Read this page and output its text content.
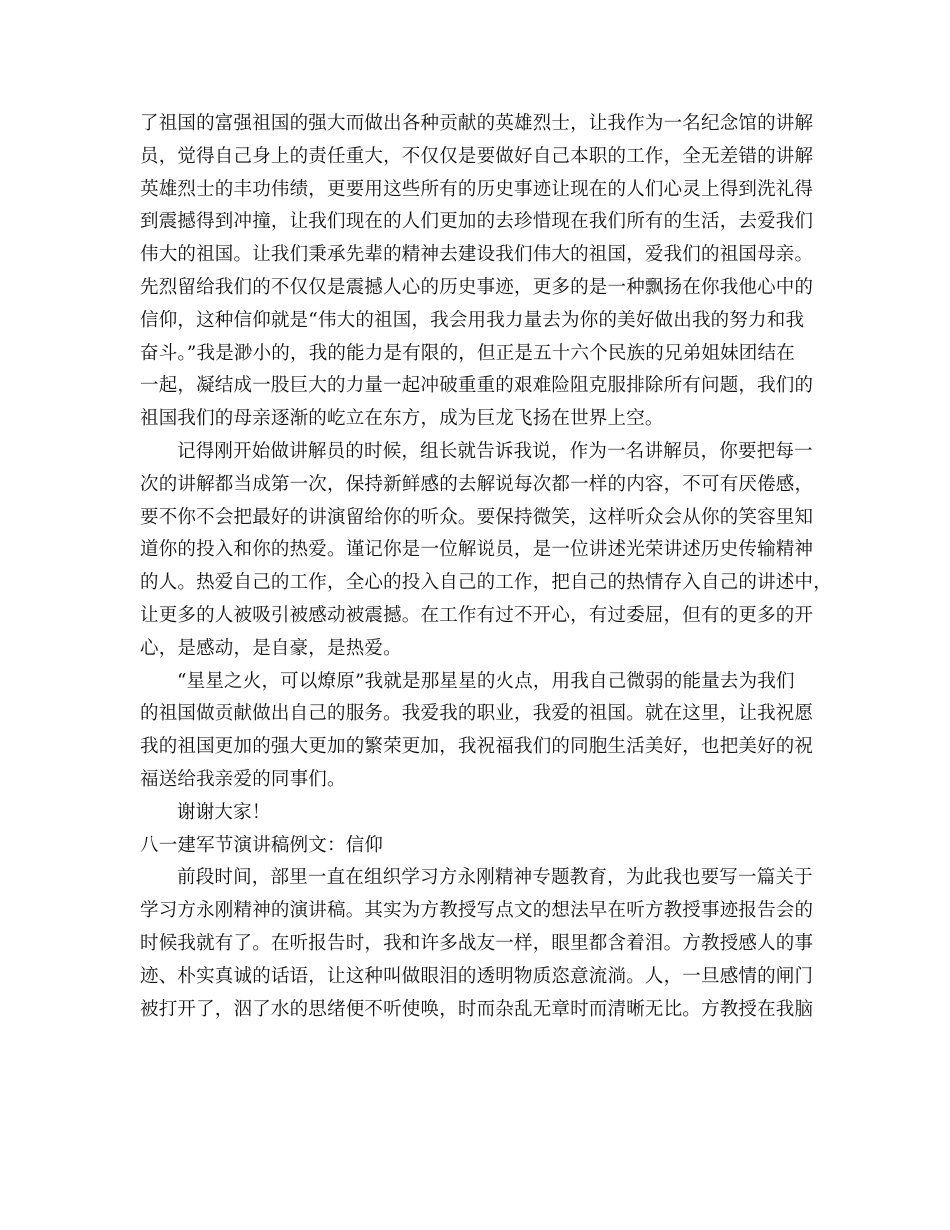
了祖国的富强祖国的强大而做出各种贡献的英雄烈士，让我作为一名纪念馆的讲解
员，觉得自己身上的责任重大，不仅仅是要做好自己本职的工作，全无差错的讲解
英雄烈士的丰功伟绩，更要用这些所有的历史事迹让现在的人们心灵上得到洗礼得
到震撼得到冲撞，让我们现在的人们更加的去珍惜现在我们所有的生活，去爱我们
伟大的祖国。让我们秉承先辈的精神去建设我们伟大的祖国，爱我们的祖国母亲。
先烈留给我们的不仅仅是震撼人心的历史事迹，更多的是一种飘扬在你我他心中的
信仰，这种信仰就是“伟大的祖国，我会用我力量去为你的美好做出我的努力和我
奋斗。”我是渺小的，我的能力是有限的，但正是五十六个民族的兄弟姐妹团结在
一起，凝结成一股巨大的力量一起冲破重重的艰难险阻克服排除所有问题，我们的
祖国我们的母亲逐渐的屹立在东方，成为巨龙飞扬在世界上空。
记得刚开始做讲解员的时候，组长就告诉我说，作为一名讲解员，你要把每一
次的讲解都当成第一次，保持新鲜感的去解说每次都一样的内容，不可有厌倦感，
要不你不会把最好的讲演留给你的听众。要保持微笑，这样听众会从你的笑容里知
道你的投入和你的热爱。谨记你是一位解说员，是一位讲述光荣讲述历史传输精神
的人。热爱自己的工作，全心的投入自己的工作，把自己的热情存入自己的讲述中，
让更多的人被吸引被感动被震撼。在工作有过不开心，有过委屈，但有的更多的开
心，是感动，是自豪，是热爱。
“星星之火，可以燎原”我就是那星星的火点，用我自己微弱的能量去为我们
的祖国做贡献做出自己的服务。我爱我的职业，我爱的祖国。就在这里，让我祝愿
我的祖国更加的强大更加的繁荣更加，我祝福我们的同胞生活美好，也把美好的祝
福送给我亲爱的同事们。
谢谢大家！
八一建军节演讲稿例文：信仰
前段时间，部里一直在组织学习方永刚精神专题教育，为此我也要写一篇关于
学习方永刚精神的演讲稿。其实为方教授写点文的想法早在听方教授事迹报告会的
时候我就有了。在听报告时，我和许多战友一样，眼里都含着泪。方教授感人的事
迹、朴实真诚的话语，让这种叫做眼泪的透明物质恣意流淌。人，一旦感情的闸门
被打开了，泅了水的思绪便不听使唤，时而杂乱无章时而清晰无比。方教授在我脑
